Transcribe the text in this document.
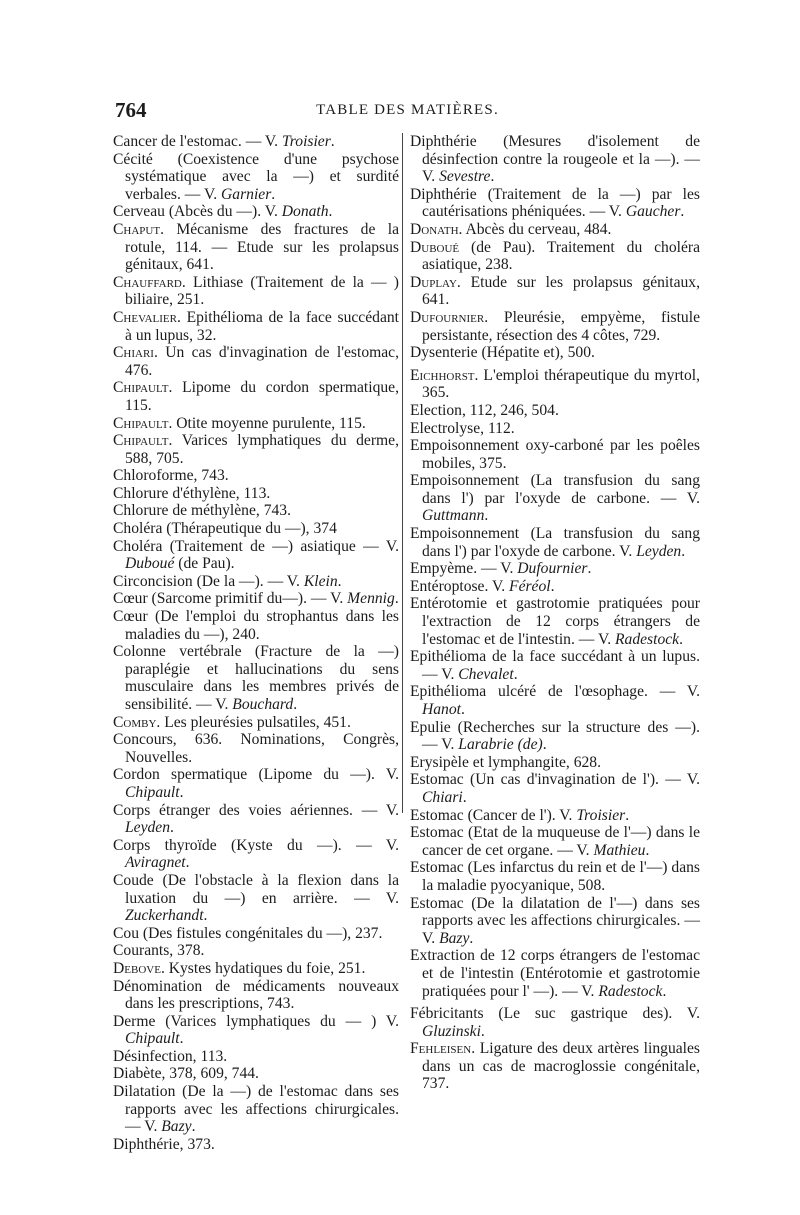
764	TABLE DES MATIÈRES.

Cancer de l'estomac. — V. Troisier.

Cécité (Coexistence d'une psychose systématique avec la —) et surdité verbales. — V. Garnier.

Cerveau (Abcès du —). V. Donath.

Chaput. Mécanisme des fractures de la rotule, 114. — Etude sur les prolapsus génitaux, 641.

Chauffard. Lithiase (Traitement de la — ) biliaire, 251.

Chevalier. Epithélioma de la face succédant à un lupus, 32.

Chiari. Un cas d'invagination de l'estomac, 476.

Chipault. Lipome du cordon spermatique, 115.

Chipault. Otite moyenne purulente, 115.

Chipault. Varices lymphatiques du derme, 588, 705.

Chloroforme, 743.

Chlorure d'éthylène, 113.

Chlorure de méthylène, 743.

Choléra (Thérapeutique du —), 374

Choléra (Traitement de —) asiatique — V. Duboué (de Pau).

Circoncision (De la —). — V. Klein.

Cœur (Sarcome primitif du—). — V. Mennig.

Cœur (De l'emploi du strophantus dans les maladies du —), 240.

Colonne vertébrale (Fracture de la —) paraplégie et hallucinations du sens musculaire dans les membres privés de sensibilité. — V. Bouchard.

Comby. Les pleurésies pulsatiles, 451.

Concours, 636. Nominations, Congrès, Nouvelles.

Cordon spermatique (Lipome du —). V. Chipault.

Corps étranger des voies aériennes. — V. Leyden.

Corps thyroïde (Kyste du —). — V. Aviragnet.

Coude (De l'obstacle à la flexion dans la luxation du —) en arrière. — V. Zuckerhandt.

Cou (Des fistules congénitales du —), 237.

Courants, 378.

Debove. Kystes hydatiques du foie, 251.

Dénomination de médicaments nouveaux dans les prescriptions, 743.

Derme (Varices lymphatiques du — ) V. Chipault.

Désinfection, 113.

Diabète, 378, 609, 744.

Dilatation (De la —) de l'estomac dans ses rapports avec les affections chirurgicales. — V. Bazy.

Diphthérie, 373.

Diphthérie (Mesures d'isolement de désinfection contre la rougeole et la —). — V. Sevestre.

Diphthérie (Traitement de la —) par les cautérisations phéniquées. — V. Gaucher.

Donath. Abcès du cerveau, 484.

Duboué (de Pau). Traitement du choléra asiatique, 238.

Duplay. Etude sur les prolapsus génitaux, 641.

Dufournier. Pleurésie, empyème, fistule persistante, résection des 4 côtes, 729.

Dysenterie (Hépatite et), 500.

Eichhorst. L'emploi thérapeutique du myrtol, 365.

Election, 112, 246, 504.

Electrolyse, 112.

Empoisonnement oxy-carboné par les poêles mobiles, 375.

Empoisonnement (La transfusion du sang dans l') par l'oxyde de carbone. — V. Guttmann.

Empoisonnement (La transfusion du sang dans l') par l'oxyde de carbone. V. Leyden.

Empyème. — V. Dufournier.

Entéroptose. V. Féréol.

Entérotomie et gastrotomie pratiquées pour l'extraction de 12 corps étrangers de l'estomac et de l'intestin. — V. Radestock.

Epithélioma de la face succédant à un lupus. — V. Chevalet.

Epithélioma ulcéré de l'œsophage. — V. Hanot.

Epulie (Recherches sur la structure des —). — V. Larabrie (de).

Erysipèle et lymphangite, 628.

Estomac (Un cas d'invagination de l'). — V. Chiari.

Estomac (Cancer de l'). V. Troisier.

Estomac (Etat de la muqueuse de l'—) dans le cancer de cet organe. — V. Mathieu.

Estomac (Les infarctus du rein et de l'—) dans la maladie pyocyanique, 508.

Estomac (De la dilatation de l'—) dans ses rapports avec les affections chirurgicales. — V. Bazy.

Extraction de 12 corps étrangers de l'estomac et de l'intestin (Entérotomie et gastrotomie pratiquées pour l' —). — V. Radestock.

Fébricitants (Le suc gastrique des). V. Gluzinski.

Fehleisen. Ligature des deux artères linguales dans un cas de macroglossie congénitale, 737.
